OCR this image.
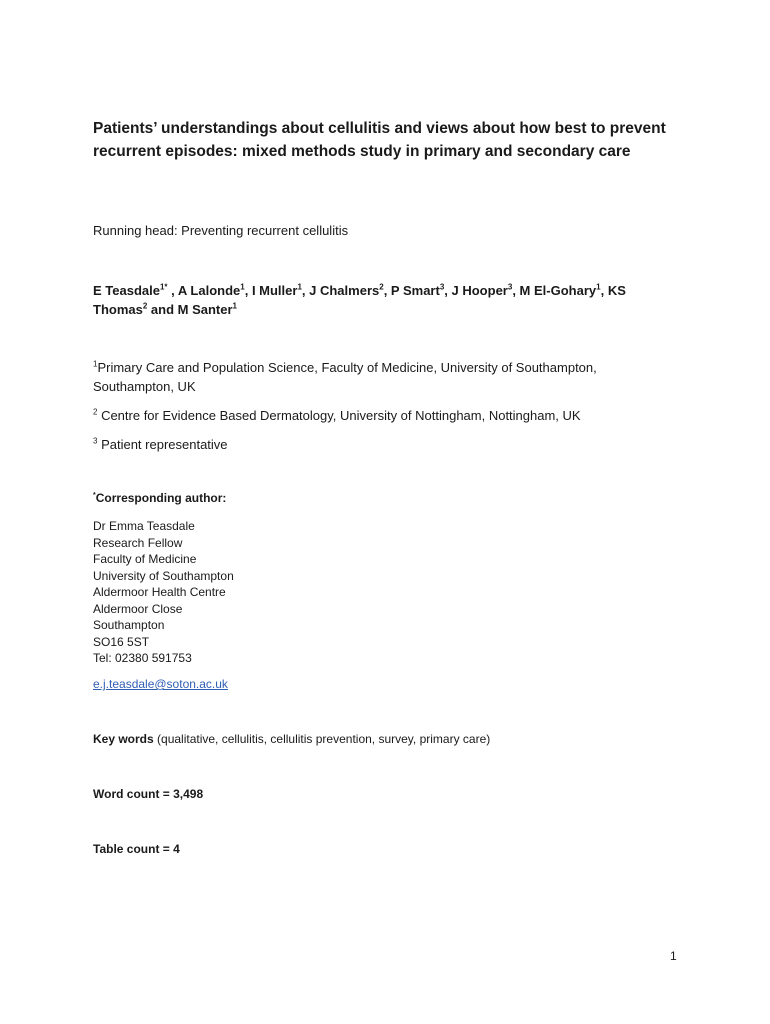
Patients’ understandings about cellulitis and views about how best to prevent recurrent episodes: mixed methods study in primary and secondary care
Running head: Preventing recurrent cellulitis
E Teasdale$^{1*}$ , A Lalonde$^1$, I Muller$^1$, J Chalmers$^2$, P Smart$^3$, J Hooper$^3$, M El-Gohary$^1$, KS Thomas$^2$ and M Santer$^1$
$^1$Primary Care and Population Science, Faculty of Medicine, University of Southampton, Southampton, UK
$^2$ Centre for Evidence Based Dermatology, University of Nottingham, Nottingham, UK
$^3$ Patient representative
*Corresponding author:
Dr Emma Teasdale
Research Fellow
Faculty of Medicine
University of Southampton
Aldermoor Health Centre
Aldermoor Close
Southampton
SO16 5ST
Tel: 02380 591753
e.j.teasdale@soton.ac.uk
Key words (qualitative, cellulitis, cellulitis prevention, survey, primary care)
Word count = 3,498
Table count = 4
1
